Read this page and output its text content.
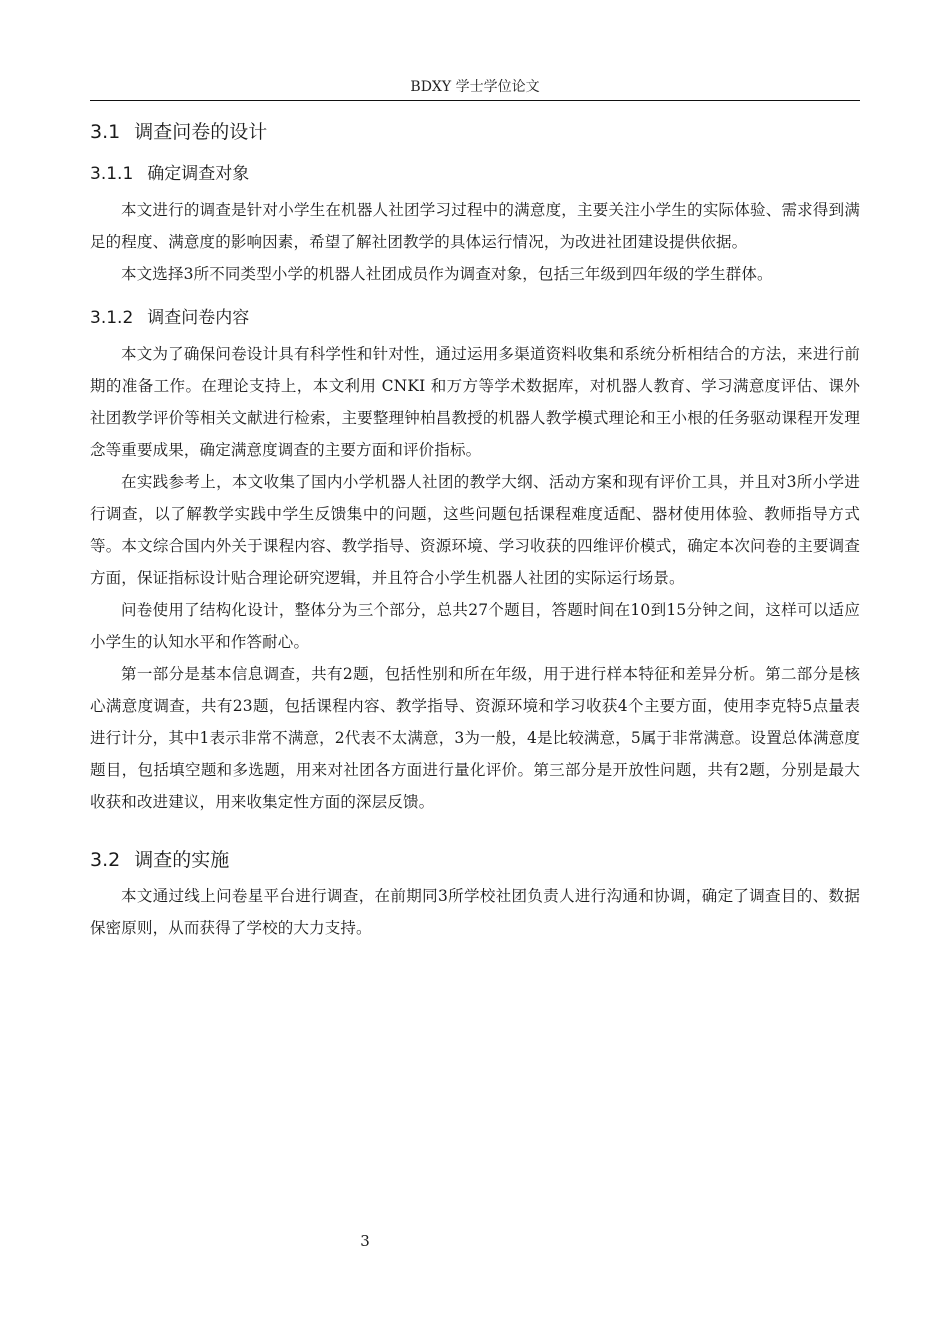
BDXY 学士学位论文
3.1 调查问卷的设计
3.1.1 确定调查对象

本文进行的调查是针对小学生在机器人社团学习过程中的满意度，主要关注小学生的实际体验、需求得到满足的程度、满意度的影响因素，希望了解社团教学的具体运行情况，为改进社团建设提供依据。

本文选择3所不同类型小学的机器人社团成员作为调查对象，包括三年级到四年级的学生群体。

3.1.2 调查问卷内容

本文为了确保问卷设计具有科学性和针对性，通过运用多渠道资料收集和系统分析相结合的方法，来进行前期的准备工作。在理论支持上，本文利用 CNKI 和万方等学术数据库，对机器人教育、学习满意度评估、课外社团教学评价等相关文献进行检索，主要整理钟柏昌教授的机器人教学模式理论和王小根的任务驱动课程开发理念等重要成果，确定满意度调查的主要方面和评价指标。

在实践参考上，本文收集了国内小学机器人社团的教学大纲、活动方案和现有评价工具，并且对3所小学进行调查，以了解教学实践中学生反馈集中的问题，这些问题包括课程难度适配、器材使用体验、教师指导方式等。本文综合国内外关于课程内容、教学指导、资源环境、学习收获的四维评价模式，确定本次问卷的主要调查方面，保证指标设计贴合理论研究逻辑，并且符合小学生机器人社团的实际运行场景。

问卷使用了结构化设计，整体分为三个部分，总共27个题目，答题时间在10到15分钟之间，这样可以适应小学生的认知水平和作答耐心。

第一部分是基本信息调查，共有2题，包括性别和所在年级，用于进行样本特征和差异分析。第二部分是核心满意度调查，共有23题，包括课程内容、教学指导、资源环境和学习收获4个主要方面，使用李克特5点量表进行计分，其中1表示非常不满意，2代表不太满意，3为一般，4是比较满意，5属于非常满意。设置总体满意度题目，包括填空题和多选题，用来对社团各方面进行量化评价。第三部分是开放性问题，共有2题，分别是最大收获和改进建议，用来收集定性方面的深层反馈。

3.2 调查的实施

本文通过线上问卷星平台进行调查，在前期同3所学校社团负责人进行沟通和协调，确定了调查目的、数据保密原则，从而获得了学校的大力支持。

3
